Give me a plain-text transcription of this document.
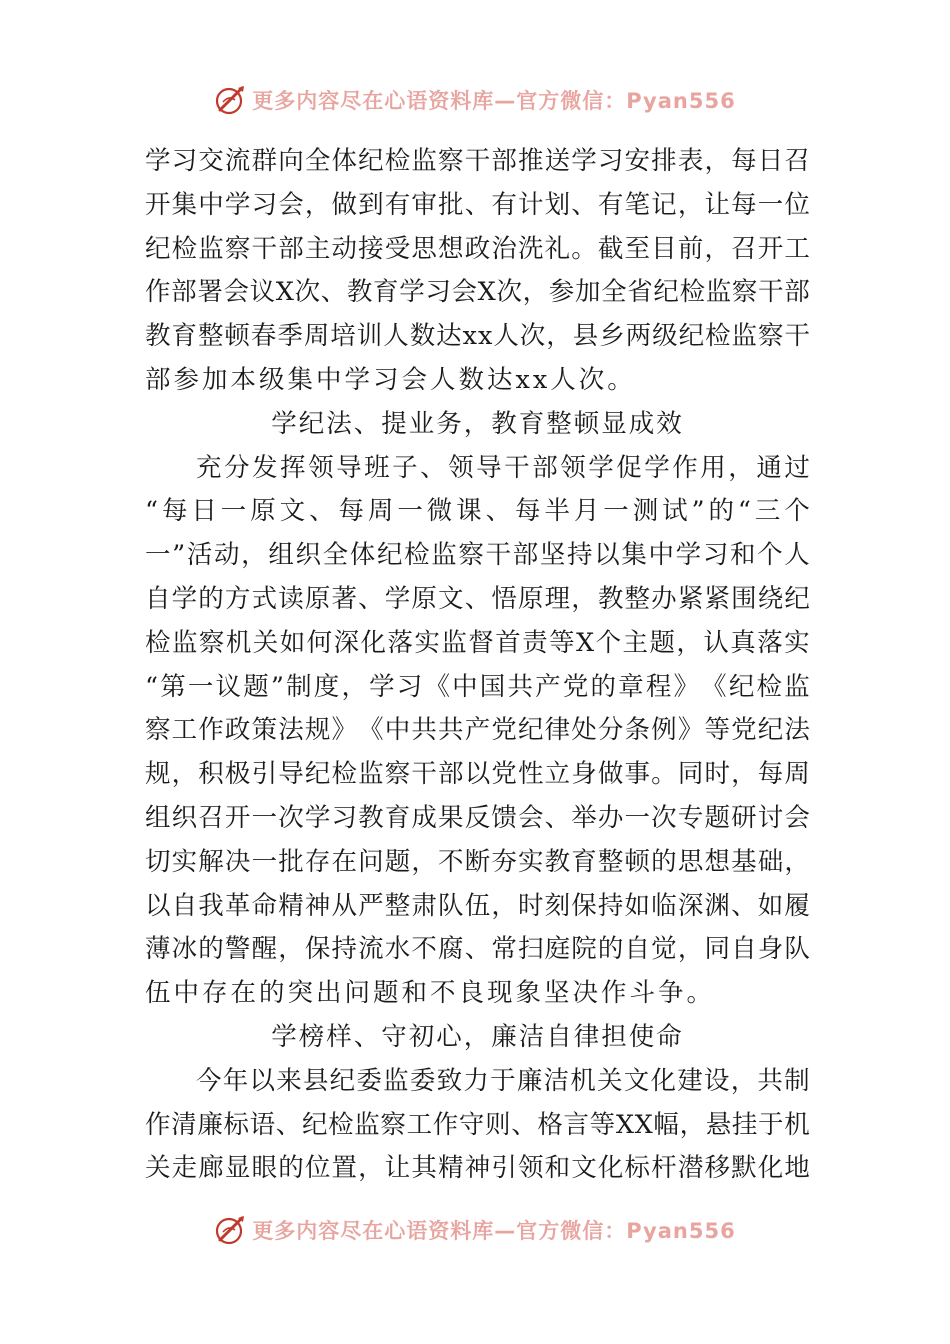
更多内容尽在心语资料库—官方微信：Pyan556
学 习 交 流 群 向 全 体 纪 检 监 察 干 部 推 送 学 习 安 排 表 ， 每 日 召
开 集 中 学 习 会 ， 做 到 有 审 批 、 有 计 划 、 有 笔 记 ， 让 每 一 位
纪 检 监 察 干 部 主 动 接 受 思 想 政 治 洗 礼 。 截 至 目 前 ， 召 开 工
作 部 署 会 议 X 次 、 教 育 学 习 会 X 次 ， 参 加 全 省 纪 检 监 察 干 部
教 育 整 顿 春 季 周 培 训 人 数 达 x x 人 次 ， 县 乡 两 级 纪 检 监 察 干
部参加本级集中学习会人数达xx人次。
学纪法、提业务，教育整顿显成效
充 分 发 挥 领 导 班 子 、 领 导 干 部 领 学 促 学 作 用 ， 通 过
“ 每 日 一 原 文 、 每 周 一 微 课 、 每 半 月 一 测 试 ” 的 “ 三 个
一 ” 活 动 ， 组 织 全 体 纪 检 监 察 干 部 坚 持 以 集 中 学 习 和 个 人
自 学 的 方 式 读 原 著 、 学 原 文 、 悟 原 理 ， 教 整 办 紧 紧 围 绕 纪
检 监 察 机 关 如 何 深 化 落 实 监 督 首 责 等 X 个 主 题 ， 认 真 落 实
“ 第 一 议 题 ” 制 度 ， 学 习 《 中 国 共 产 党 的 章 程 》 《 纪 检 监
察 工 作 政 策 法 规 》 《 中 共 共 产 党 纪 律 处 分 条 例 》 等 党 纪 法
规 ， 积 极 引 导 纪 检 监 察 干 部 以 党 性 立 身 做 事 。 同 时 ， 每 周
组 织 召 开 一 次 学 习 教 育 成 果 反 馈 会 、 举 办 一 次 专 题 研 讨 会
切 实 解 决 一 批 存 在 问 题 ， 不 断 夯 实 教 育 整 顿 的 思 想 基 础 ，
以 自 我 革 命 精 神 从 严 整 肃 队 伍 ， 时 刻 保 持 如 临 深 渊 、 如 履
薄 冰 的 警 醒 ， 保 持 流 水 不 腐 、 常 扫 庭 院 的 自 觉 ， 同 自 身 队
伍中存在的突出问题和不良现象坚决作斗争。
学榜样、守初心，廉洁自律担使命
今 年 以 来 县 纪 委 监 委 致 力 于 廉 洁 机 关 文 化 建 设 ， 共 制
作 清 廉 标 语 、 纪 检 监 察 工 作 守 则 、 格 言 等 X X 幅 ， 悬 挂 于 机
关 走 廊 显 眼 的 位 置 ， 让 其 精 神 引 领 和 文 化 标 杆 潜 移 默 化 地
更多内容尽在心语资料库—官方微信：Pyan556
